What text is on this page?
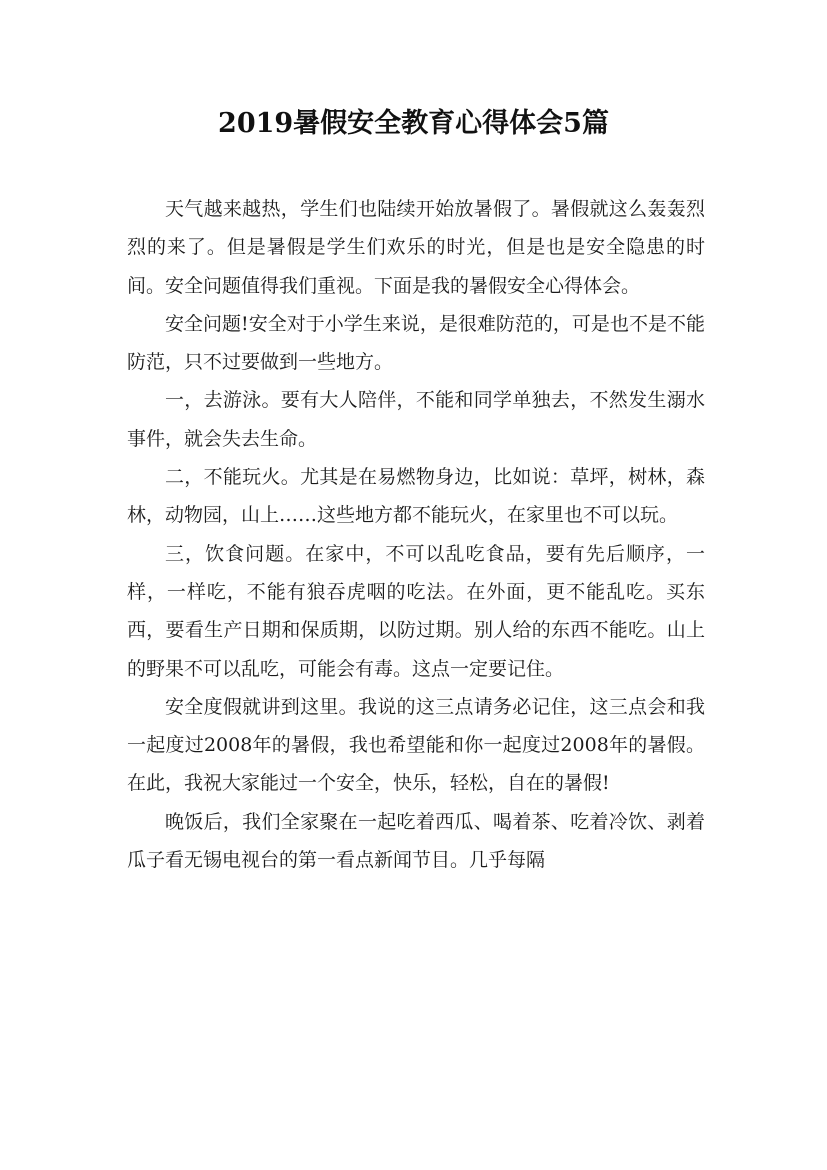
2019暑假安全教育心得体会5篇

天气越来越热，学生们也陆续开始放暑假了。暑假就这么轰轰烈烈的来了。但是暑假是学生们欢乐的时光，但是也是安全隐患的时间。安全问题值得我们重视。下面是我的暑假安全心得体会。

安全问题!安全对于小学生来说，是很难防范的，可是也不是不能防范，只不过要做到一些地方。

一，去游泳。要有大人陪伴，不能和同学单独去，不然发生溺水事件，就会失去生命。

二，不能玩火。尤其是在易燃物身边，比如说：草坪，树林，森林，动物园，山上……这些地方都不能玩火，在家里也不可以玩。

三，饮食问题。在家中，不可以乱吃食品，要有先后顺序，一样，一样吃，不能有狼吞虎咽的吃法。在外面，更不能乱吃。买东西，要看生产日期和保质期，以防过期。别人给的东西不能吃。山上的野果不可以乱吃，可能会有毒。这点一定要记住。

安全度假就讲到这里。我说的这三点请务必记住，这三点会和我一起度过2008年的暑假，我也希望能和你一起度过2008年的暑假。在此，我祝大家能过一个安全，快乐，轻松，自在的暑假!

晚饭后，我们全家聚在一起吃着西瓜、喝着茶、吃着冷饮、剥着瓜子看无锡电视台的第一看点新闻节目。几乎每隔
